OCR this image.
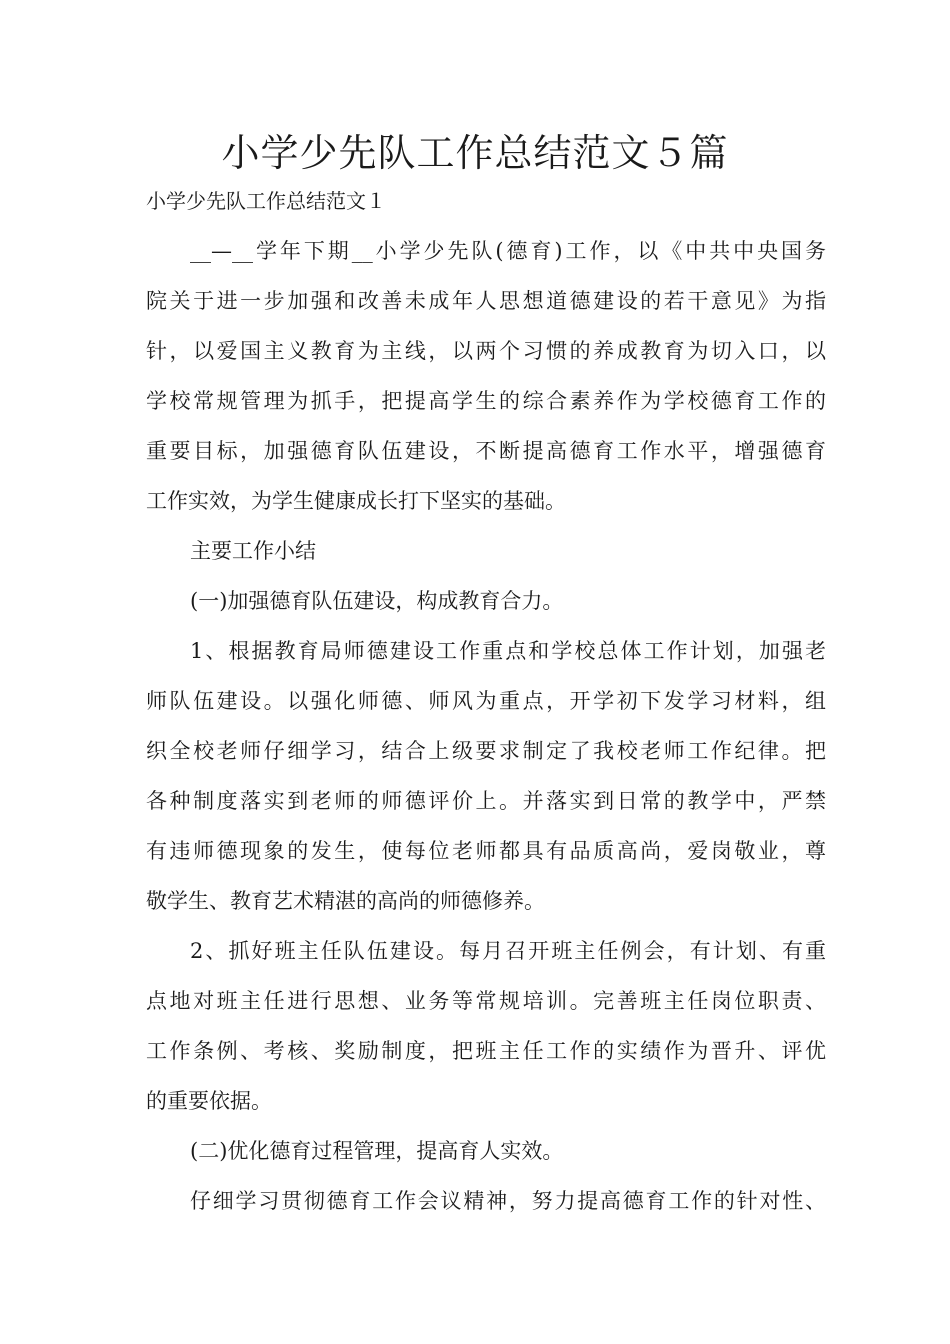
小学少先队工作总结范文５篇
小学少先队工作总结范文１
__—__学年下期__小学少先队(德育)工作，以《中共中央国务
院关于进一步加强和改善未成年人思想道德建设的若干意见》为指
针，以爱国主义教育为主线，以两个习惯的养成教育为切入口，以
学校常规管理为抓手，把提高学生的综合素养作为学校德育工作的
重要目标，加强德育队伍建设，不断提高德育工作水平，增强德育
工作实效，为学生健康成长打下坚实的基础。
主要工作小结
(一)加强德育队伍建设，构成教育合力。
1、根据教育局师德建设工作重点和学校总体工作计划，加强老
师队伍建设。以强化师德、师风为重点，开学初下发学习材料，组
织全校老师仔细学习，结合上级要求制定了我校老师工作纪律。把
各种制度落实到老师的师德评价上。并落实到日常的教学中，严禁
有违师德现象的发生，使每位老师都具有品质高尚，爱岗敬业，尊
敬学生、教育艺术精湛的高尚的师德修养。
2、抓好班主任队伍建设。每月召开班主任例会，有计划、有重
点地对班主任进行思想、业务等常规培训。完善班主任岗位职责、
工作条例、考核、奖励制度，把班主任工作的实绩作为晋升、评优
的重要依据。
(二)优化德育过程管理，提高育人实效。
仔细学习贯彻德育工作会议精神，努力提高德育工作的针对性、
